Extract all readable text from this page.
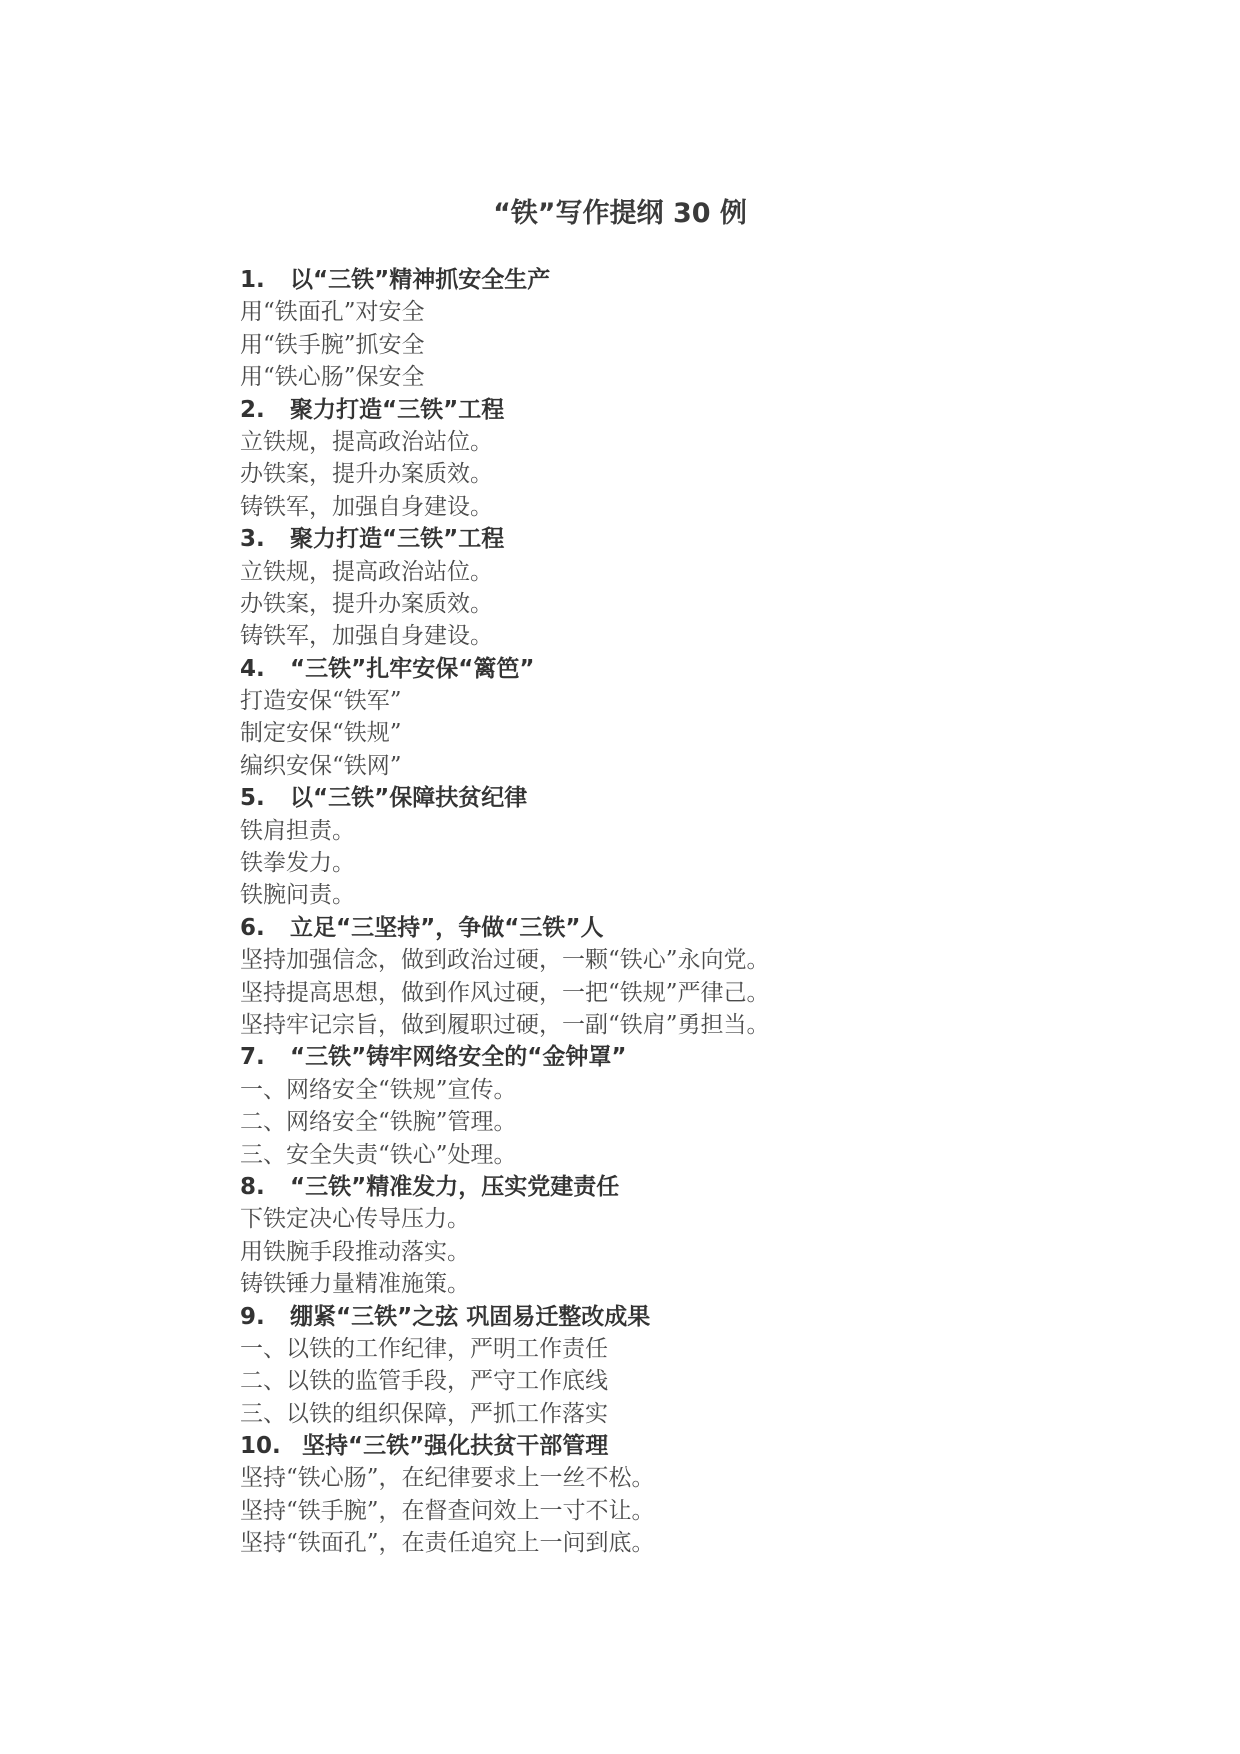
“铁”写作提纲 30 例
1. 以“三铁”精神抓安全生产
用“铁面孔”对安全
用“铁手腕”抓安全
用“铁心肠”保安全
2. 聚力打造“三铁”工程
立铁规，提高政治站位。
办铁案，提升办案质效。
铸铁军，加强自身建设。
3. 聚力打造“三铁”工程
立铁规，提高政治站位。
办铁案，提升办案质效。
铸铁军，加强自身建设。
4. “三铁”扎牢安保“篱笆”
打造安保“铁军”
制定安保“铁规”
编织安保“铁网”
5. 以“三铁”保障扶贫纪律
铁肩担责。
铁拳发力。
铁腕问责。
6. 立足“三坚持”，争做“三铁”人
坚持加强信念，做到政治过硬，一颗“铁心”永向党。
坚持提高思想，做到作风过硬，一把“铁规”严律己。
坚持牢记宗旨，做到履职过硬，一副“铁肩”勇担当。
7. “三铁”铸牢网络安全的“金钟罩”
一、网络安全“铁规”宣传。
二、网络安全“铁腕”管理。
三、安全失责“铁心”处理。
8. “三铁”精准发力，压实党建责任
下铁定决心传导压力。
用铁腕手段推动落实。
铸铁锤力量精准施策。
9. 绷紧“三铁”之弦 巩固易迁整改成果
一、以铁的工作纪律，严明工作责任
二、以铁的监管手段，严守工作底线
三、以铁的组织保障，严抓工作落实
10. 坚持“三铁”强化扶贫干部管理
坚持“铁心肠”，在纪律要求上一丝不松。
坚持“铁手腕”，在督查问效上一寸不让。
坚持“铁面孔”，在责任追究上一问到底。
